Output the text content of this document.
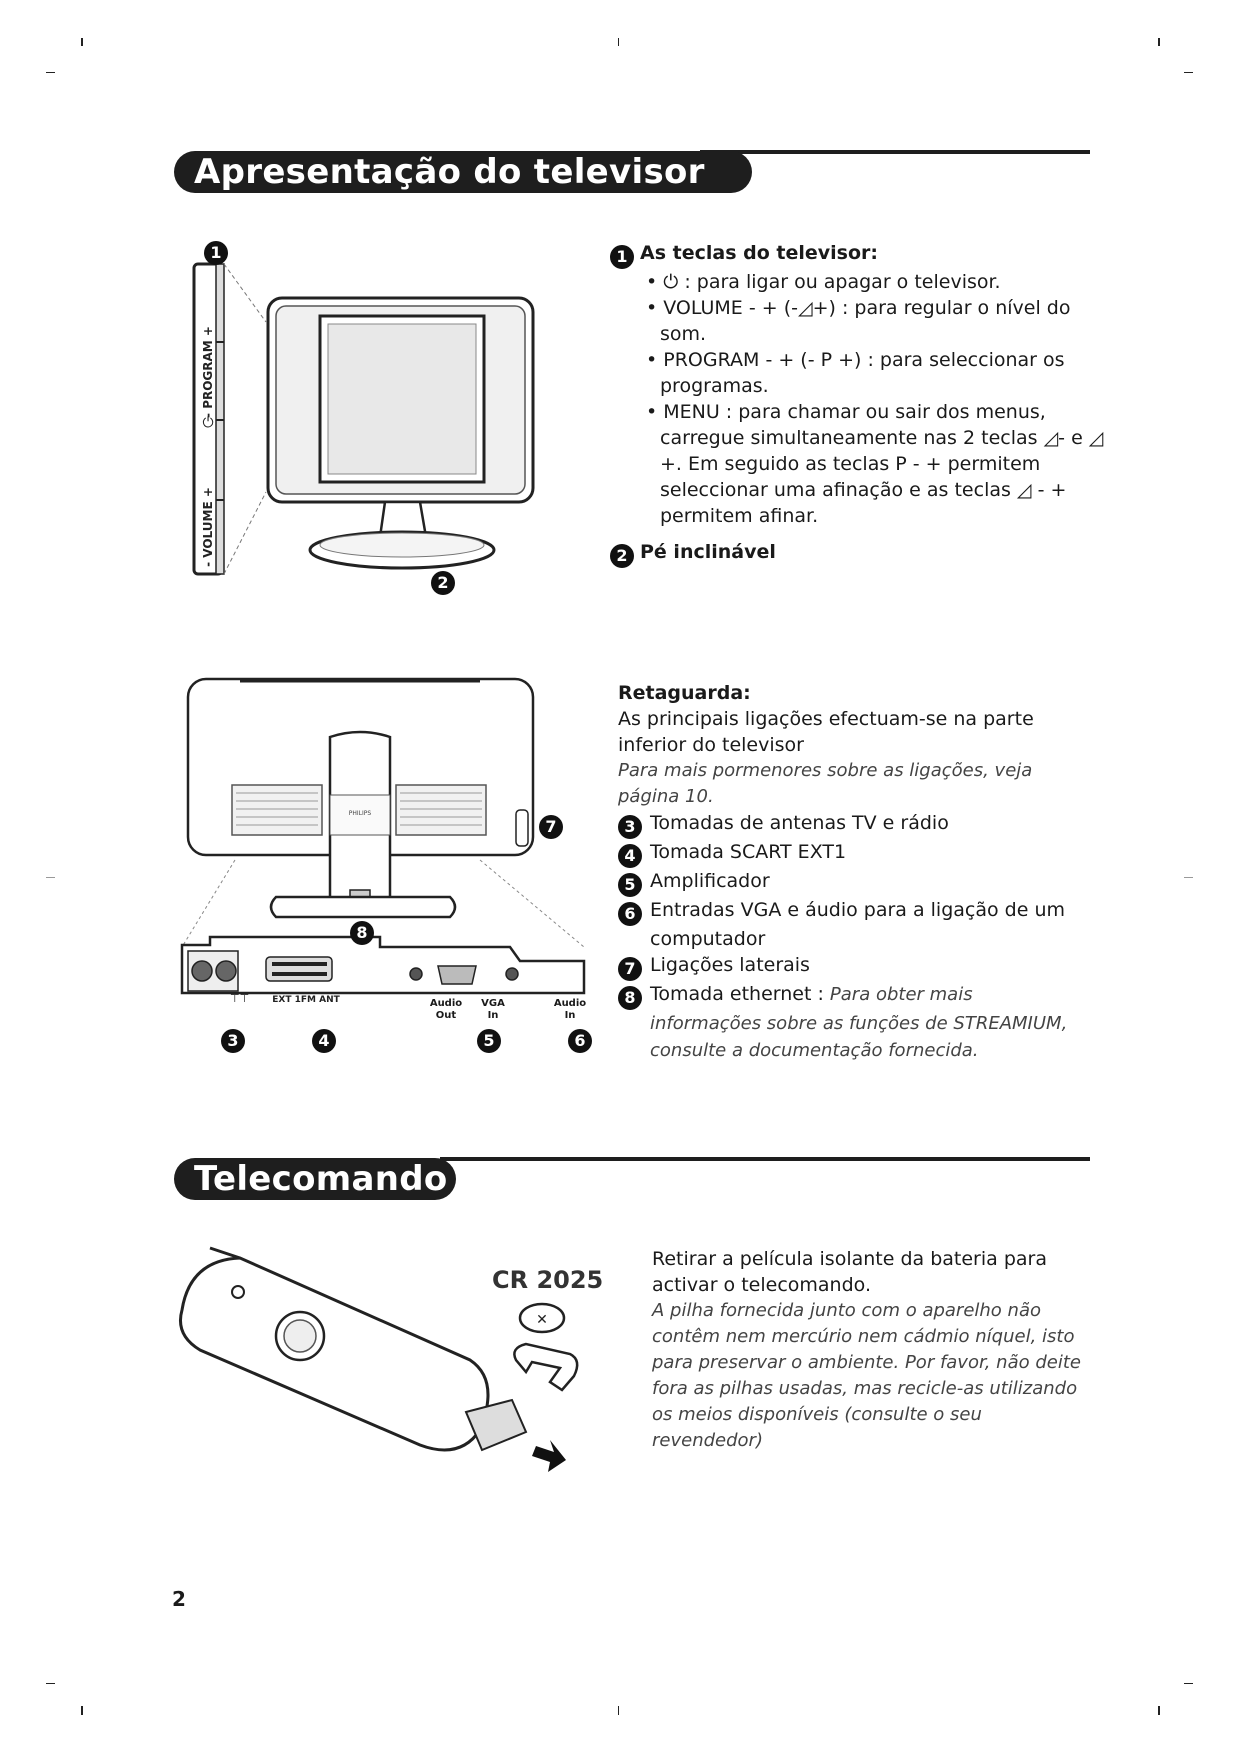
Apresentação do televisor LCD
- PROGRAM +
⏻
- VOLUME +
1
2
1 As teclas do televisor:
• ⏻ : para ligar ou apagar o televisor.
• VOLUME - + (-◿+) : para regular o nível do som.
• PROGRAM - + (- P +) : para seleccionar os programas.
• MENU : para chamar ou sair dos menus, carregue simultaneamente nas 2 teclas ◿- e ◿ +. Em seguido as teclas P - + permitem seleccionar uma afinação e as teclas ◿ - + permitem afinar.
2 Pé inclinável
PHILIPS
⊤⊤	EXT 1FM ANT	Audio Out
VGA In
Audio In
3	4	5	6
7
8
Retaguarda:
As principais ligações efectuam-se na parte inferior do televisor
Para mais pormenores sobre as ligações, veja página 10.
3 Tomadas de antenas TV e rádio
4 Tomada SCART EXT1
5 Amplificador
6 Entradas VGA e áudio para a ligação de um computador
7 Ligações laterais
8 Tomada ethernet : Para obter mais informações sobre as funções de STREAMIUM, consulte a documentação fornecida.
Telecomando
✕
CR 2025
Retirar a película isolante da bateria para activar o telecomando.
A pilha fornecida junto com o aparelho não contêm nem mercúrio nem cádmio níquel, isto para preservar o ambiente. Por favor, não deite fora as pilhas usadas, mas recicle-as utilizando os meios disponíveis (consulte o seu revendedor)
2
